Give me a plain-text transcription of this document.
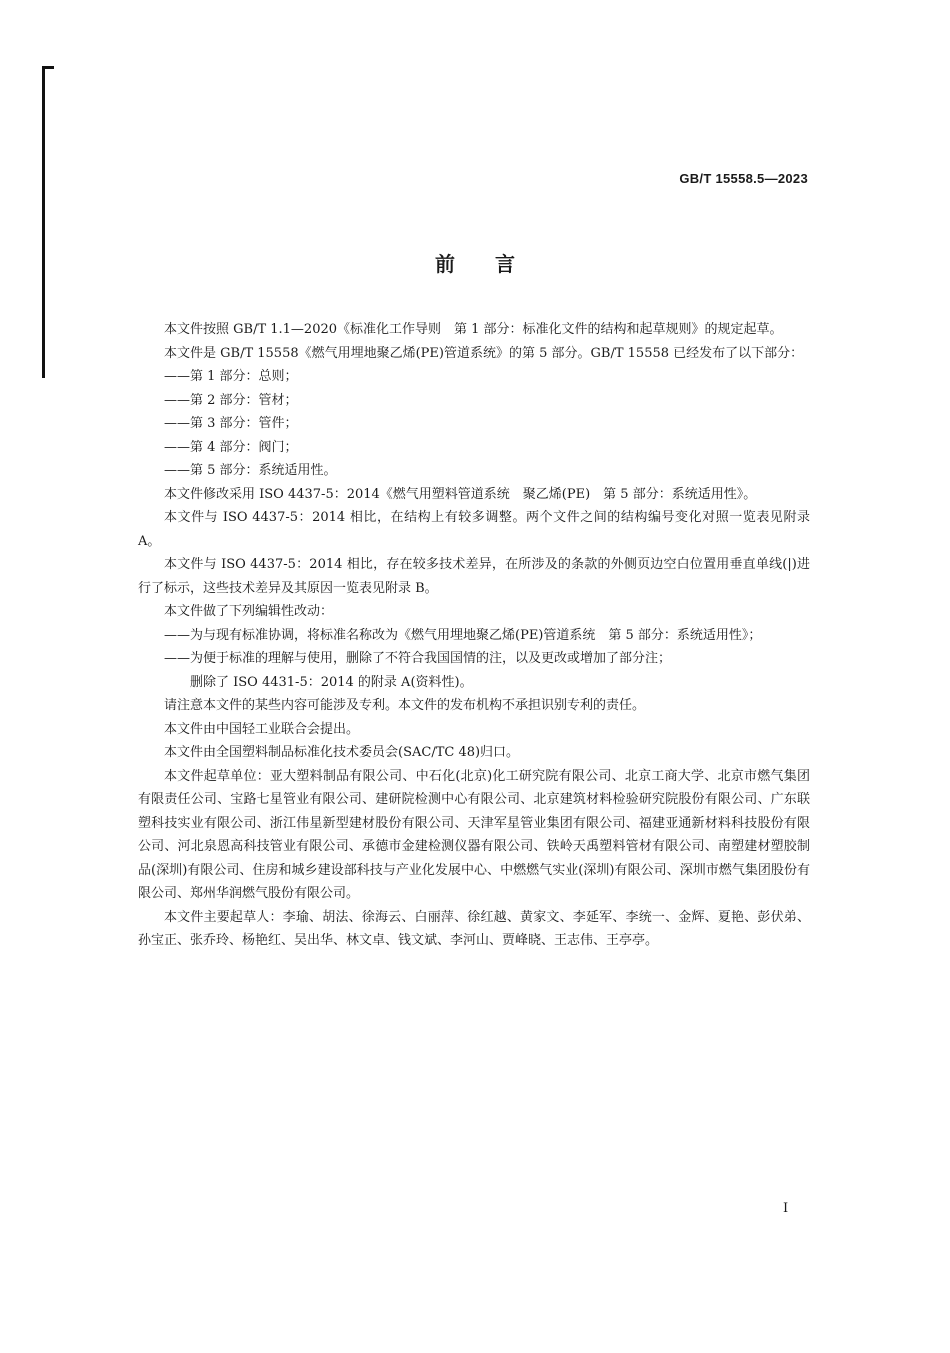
GB/T 15558.5—2023
前言

本文件按照 GB/T 1.1—2020《标准化工作导则　第 1 部分：标准化文件的结构和起草规则》的规定起草。

本文件是 GB/T 15558《燃气用埋地聚乙烯(PE)管道系统》的第 5 部分。GB/T 15558 已经发布了以下部分：

——第 1 部分：总则；

——第 2 部分：管材；

——第 3 部分：管件；

——第 4 部分：阀门；

——第 5 部分：系统适用性。

本文件修改采用 ISO 4437-5：2014《燃气用塑料管道系统　聚乙烯(PE)　第 5 部分：系统适用性》。

本文件与 ISO 4437-5：2014 相比，在结构上有较多调整。两个文件之间的结构编号变化对照一览表见附录 A。

本文件与 ISO 4437-5：2014 相比，存在较多技术差异，在所涉及的条款的外侧页边空白位置用垂直单线(|)进行了标示，这些技术差异及其原因一览表见附录 B。

本文件做了下列编辑性改动：

——为与现有标准协调，将标准名称改为《燃气用埋地聚乙烯(PE)管道系统　第 5 部分：系统适用性》；

——为便于标准的理解与使用，删除了不符合我国国情的注，以及更改或增加了部分注；

删除了 ISO 4431-5：2014 的附录 A(资料性)。

请注意本文件的某些内容可能涉及专利。本文件的发布机构不承担识别专利的责任。

本文件由中国轻工业联合会提出。

本文件由全国塑料制品标准化技术委员会(SAC/TC 48)归口。

本文件起草单位：亚大塑料制品有限公司、中石化(北京)化工研究院有限公司、北京工商大学、北京市燃气集团有限责任公司、宝路七星管业有限公司、建研院检测中心有限公司、北京建筑材料检验研究院股份有限公司、广东联塑科技实业有限公司、浙江伟星新型建材股份有限公司、天津军星管业集团有限公司、福建亚通新材料科技股份有限公司、河北泉恩高科技管业有限公司、承德市金建检测仪器有限公司、铁岭天禹塑料管材有限公司、南塑建材塑胶制品(深圳)有限公司、住房和城乡建设部科技与产业化发展中心、中燃燃气实业(深圳)有限公司、深圳市燃气集团股份有限公司、郑州华润燃气股份有限公司。

本文件主要起草人：李瑜、胡法、徐海云、白丽萍、徐红越、黄家文、李延军、李统一、金辉、夏艳、彭伏弟、孙宝正、张乔玲、杨艳红、吴出华、林文卓、钱文斌、李河山、贾峰晓、王志伟、王亭亭。

I
